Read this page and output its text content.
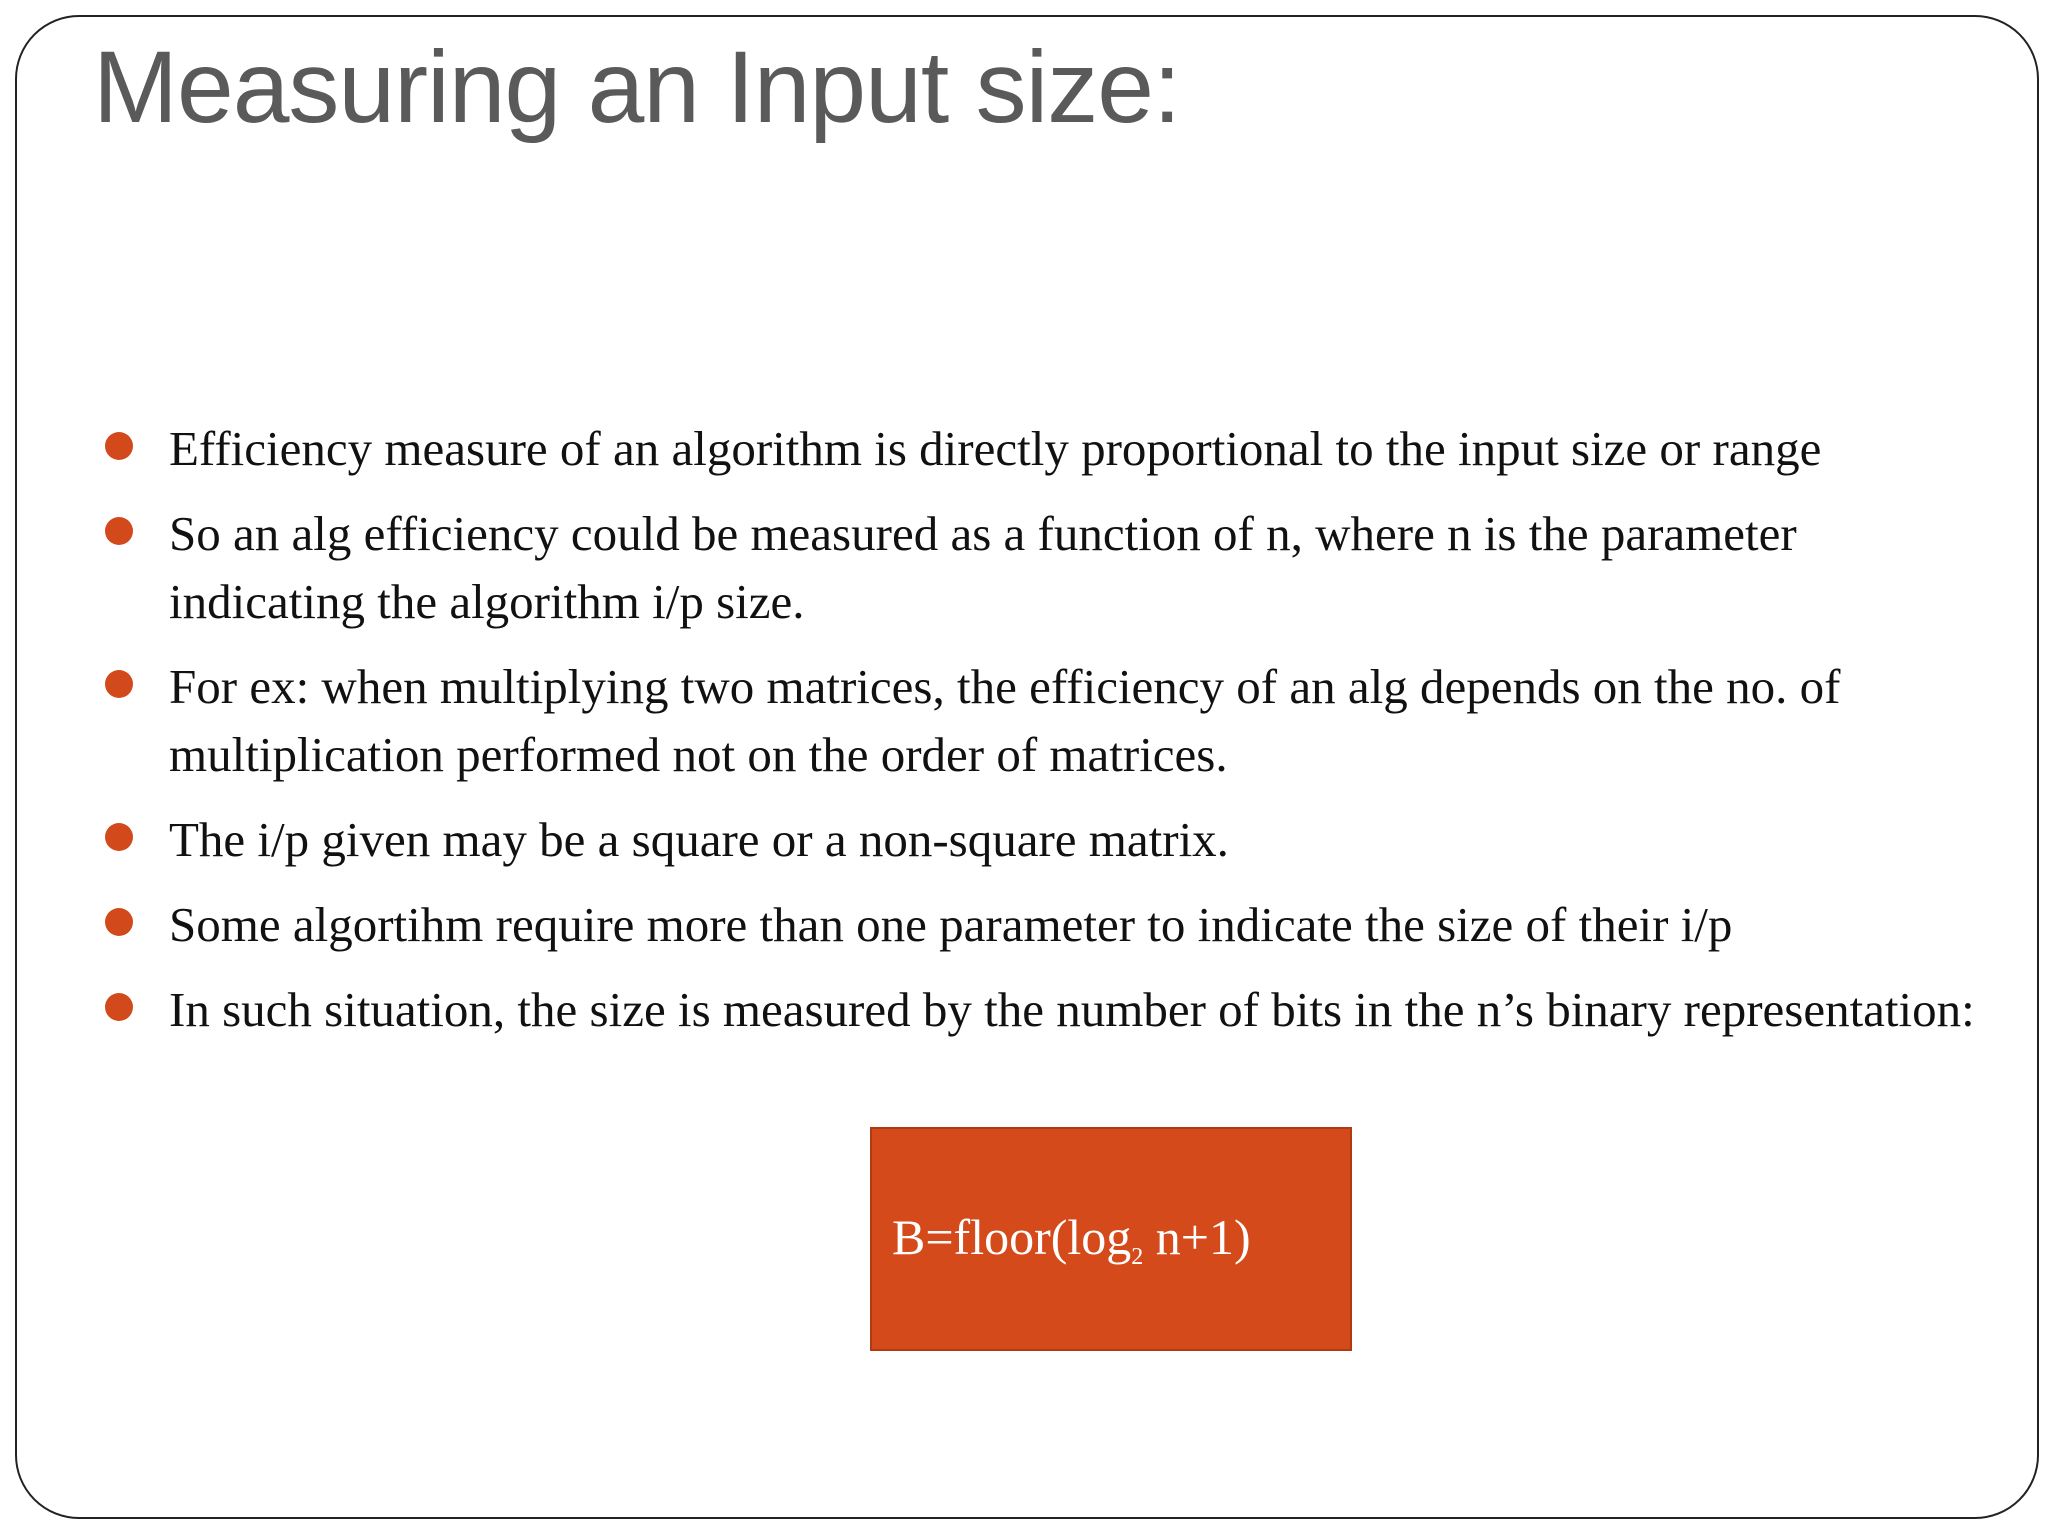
Measuring an Input size:
Efficiency measure of an algorithm is directly proportional to the input size or range
So an alg efficiency could be measured as a function of n, where n is the parameter indicating the algorithm i/p size.
For ex: when multiplying two matrices, the efficiency of an alg depends on the no. of multiplication performed not on the order of matrices.
The i/p given may be a square or a non-square matrix.
Some algortihm require more than one parameter to indicate the size of their i/p
In such situation, the size is measured by the number of bits in the n’s binary representation:
$B=floor(\log_2$ n+1)
